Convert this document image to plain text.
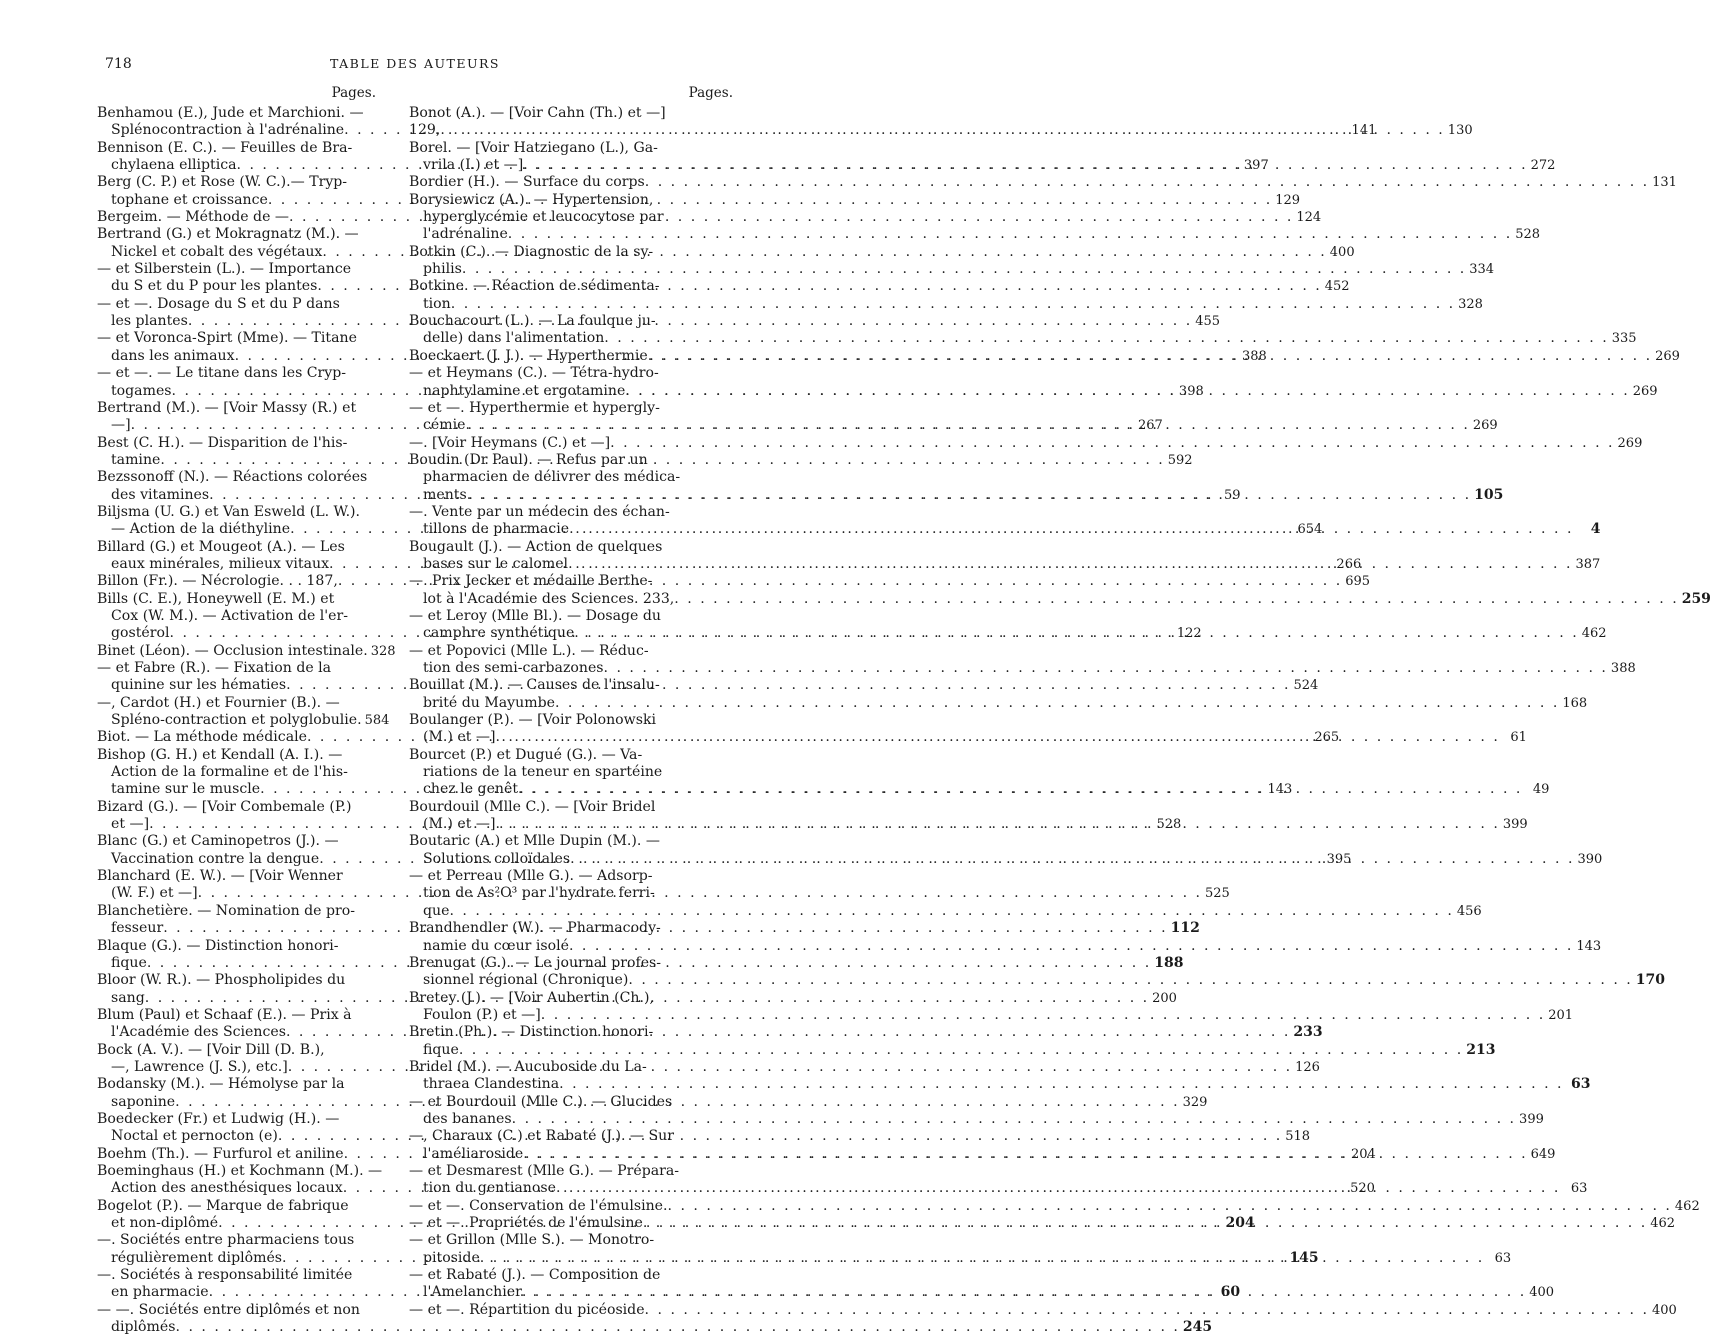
718	TABLE DES AUTEURS
Pages.
Benhamou (E.), Jude et Marchioni. —
Splénocontraction à l'adrénaline . . .	141
Bennison (E. C.). — Feuilles de Bra-
chylaena elliptica . . .	397
Berg (C. P.) et Rose (W. C.).— Tryp-
tophane et croissance . . .	129
Bergeim. — Méthode de — . . .	124
Bertrand (G.) et Mokragnatz (M.). —
Nickel et cobalt des végétaux . . .	400
— et Silberstein (L.). — Importance
du S et du P pour les plantes . . .	452
— et —. Dosage du S et du P dans
les plantes . . .	455
— et Voronca-Spirt (Mme). — Titane
dans les animaux . . .	388
— et —. — Le titane dans les Cryp-
togames . . .	398
Bertrand (M.). — [Voir Massy (R.) et
—] . . .	267
Best (C. H.). — Disparition de l'his-
tamine . . .	592
Bezssonoff (N.). — Réactions colorées
des vitamines . . .	59
Biljsma (U. G.) et Van Esweld (L. W.).
— Action de la diéthyline . . .	654
Billard (G.) et Mougeot (A.). — Les
eaux minérales, milieux vitaux . . .	266
Billon (Fr.). — Nécrologie. . . 187, . . .	695
Bills (C. E.), Honeywell (E. M.) et
Cox (W. M.). — Activation de l'er-
gostérol . . .	122
Binet (Léon). — Occlusion intestinale. 328
— et Fabre (R.). — Fixation de la
quinine sur les hématies . . .	524
—, Cardot (H.) et Fournier (B.). —
Spléno-contraction et polyglobulie. 584
Biot. — La méthode médicale . . .	265
Bishop (G. H.) et Kendall (A. I.). —
Action de la formaline et de l'his-
tamine sur le muscle . . .	143
Bizard (G.). — [Voir Combemale (P.)
et —] . . .	528
Blanc (G.) et Caminopetros (J.). —
Vaccination contre la dengue . . .	395
Blanchard (E. W.). — [Voir Wenner
(W. F.) et —] . . .	525
Blanchetière. — Nomination de pro-
fesseur . . .	112
Blaque (G.). — Distinction honori-
fique . . .	188
Bloor (W. R.). — Phospholipides du
sang . . .	200
Blum (Paul) et Schaaf (E.). — Prix à
l'Académie des Sciences . . .	233
Bock (A. V.). — [Voir Dill (D. B.),
—, Lawrence (J. S.), etc.] . . .	126
Bodansky (M.). — Hémolyse par la
saponine . . .	329
Boedecker (Fr.) et Ludwig (H.). —
Noctal et pernocton (e) . . .	518
Boehm (Th.). — Furfurol et aniline . . .	204
Boeminghaus (H.) et Kochmann (M.). —
Action des anesthésiques locaux . . .	520
Bogelot (P.). — Marque de fabrique
et non-diplômé . . .	204
—. Sociétés entre pharmaciens tous
régulièrement diplômés . . .	145
—. Sociétés à responsabilité limitée
en pharmacie . . .	60
— —. Sociétés entre diplômés et non
diplômés . . .	245
Pages.
Bonot (A.). — [Voir Cahn (Th.) et —]
129, . . .	130
Borel. — [Voir Hatziegano (L.), Ga-
vrila (I.) et —] . . .	272
Bordier (H.). — Surface du corps . . .	131
Borysiewicz (A.). — Hypertension,
hyperglycémie et leucocytose par
l'adrénaline . . .	528
Botkin (C.). — Diagnostic de la sy-
philis . . .	334
Botkine. — Réaction de sédimenta-
tion . . .	328
Bouchacourt (L.). — La foulque ju-
delle) dans l'alimentation . . .	335
Boeckaert (J. J.). — Hyperthermie . . .	269
— et Heymans (C.). — Tétra-hydro-
naphtylamine et ergotamine . . .	269
— et —. Hyperthermie et hypergly-
cémie . . .	269
—. [Voir Heymans (C.) et —] . . .	269
Boudin (Dr Paul). — Refus par un
pharmacien de délivrer des médica-
ments . . .	105
—. Vente par un médecin des échan-
tillons de pharmacie . . .	4
Bougault (J.). — Action de quelques
bases sur le calomel . . .	387
—. Prix Jecker et médaille Berthe-
lot à l'Académie des Sciences. 233, . . .	259
— et Leroy (Mlle Bl.). — Dosage du
camphre synthétique . . .	462
— et Popovici (Mlle L.). — Réduc-
tion des semi-carbazones . . .	388
Bouillat (M.). — Causes de l'insalu-
brité du Mayumbe . . .	168
Boulanger (P.). — [Voir Polonowski
(M.) et —] . . .	61
Bourcet (P.) et Dugué (G.). — Va-
riations de la teneur en spartéine
chez le genêt . . .	49
Bourdouil (Mlle C.). — [Voir Bridel
(M.) et —] . . .	399
Boutaric (A.) et Mlle Dupin (M.). —
Solutions colloïdales . . .	390
— et Perreau (Mlle G.). — Adsorp-
tion de As²O³ par l'hydrate ferri-
que . . .	456
Brandhendler (W.). — Pharmacody-
namie du cœur isolé . . .	143
Brenugat (G.). — Le journal profes-
sionnel régional (Chronique) . . .	170
Bretey (J.). — [Voir Aubertin (Ch.),
Foulon (P.) et —] . . .	201
Bretin (Ph.). — Distinction honori-
fique . . .	213
Bridel (M.). — Aucuboside du La-
thraea Clandestina . . .	63
— et Bourdouil (Mlle C.). — Glucides
des bananes . . .	399
—, Charaux (C.) et Rabaté (J.). — Sur
l'améliaroside . . .	649
— et Desmarest (Mlle G.). — Prépara-
tion du gentianose . . .	63
— et —. Conservation de l'émulsine. . . .	462
— et —. Propriétés de l'émulsine . . .	462
— et Grillon (Mlle S.). — Monotro-
pitoside . . .	63
— et Rabaté (J.). — Composition de
l'Amelanchier . . .	400
— et —. Répartition du picéoside . . .	400
